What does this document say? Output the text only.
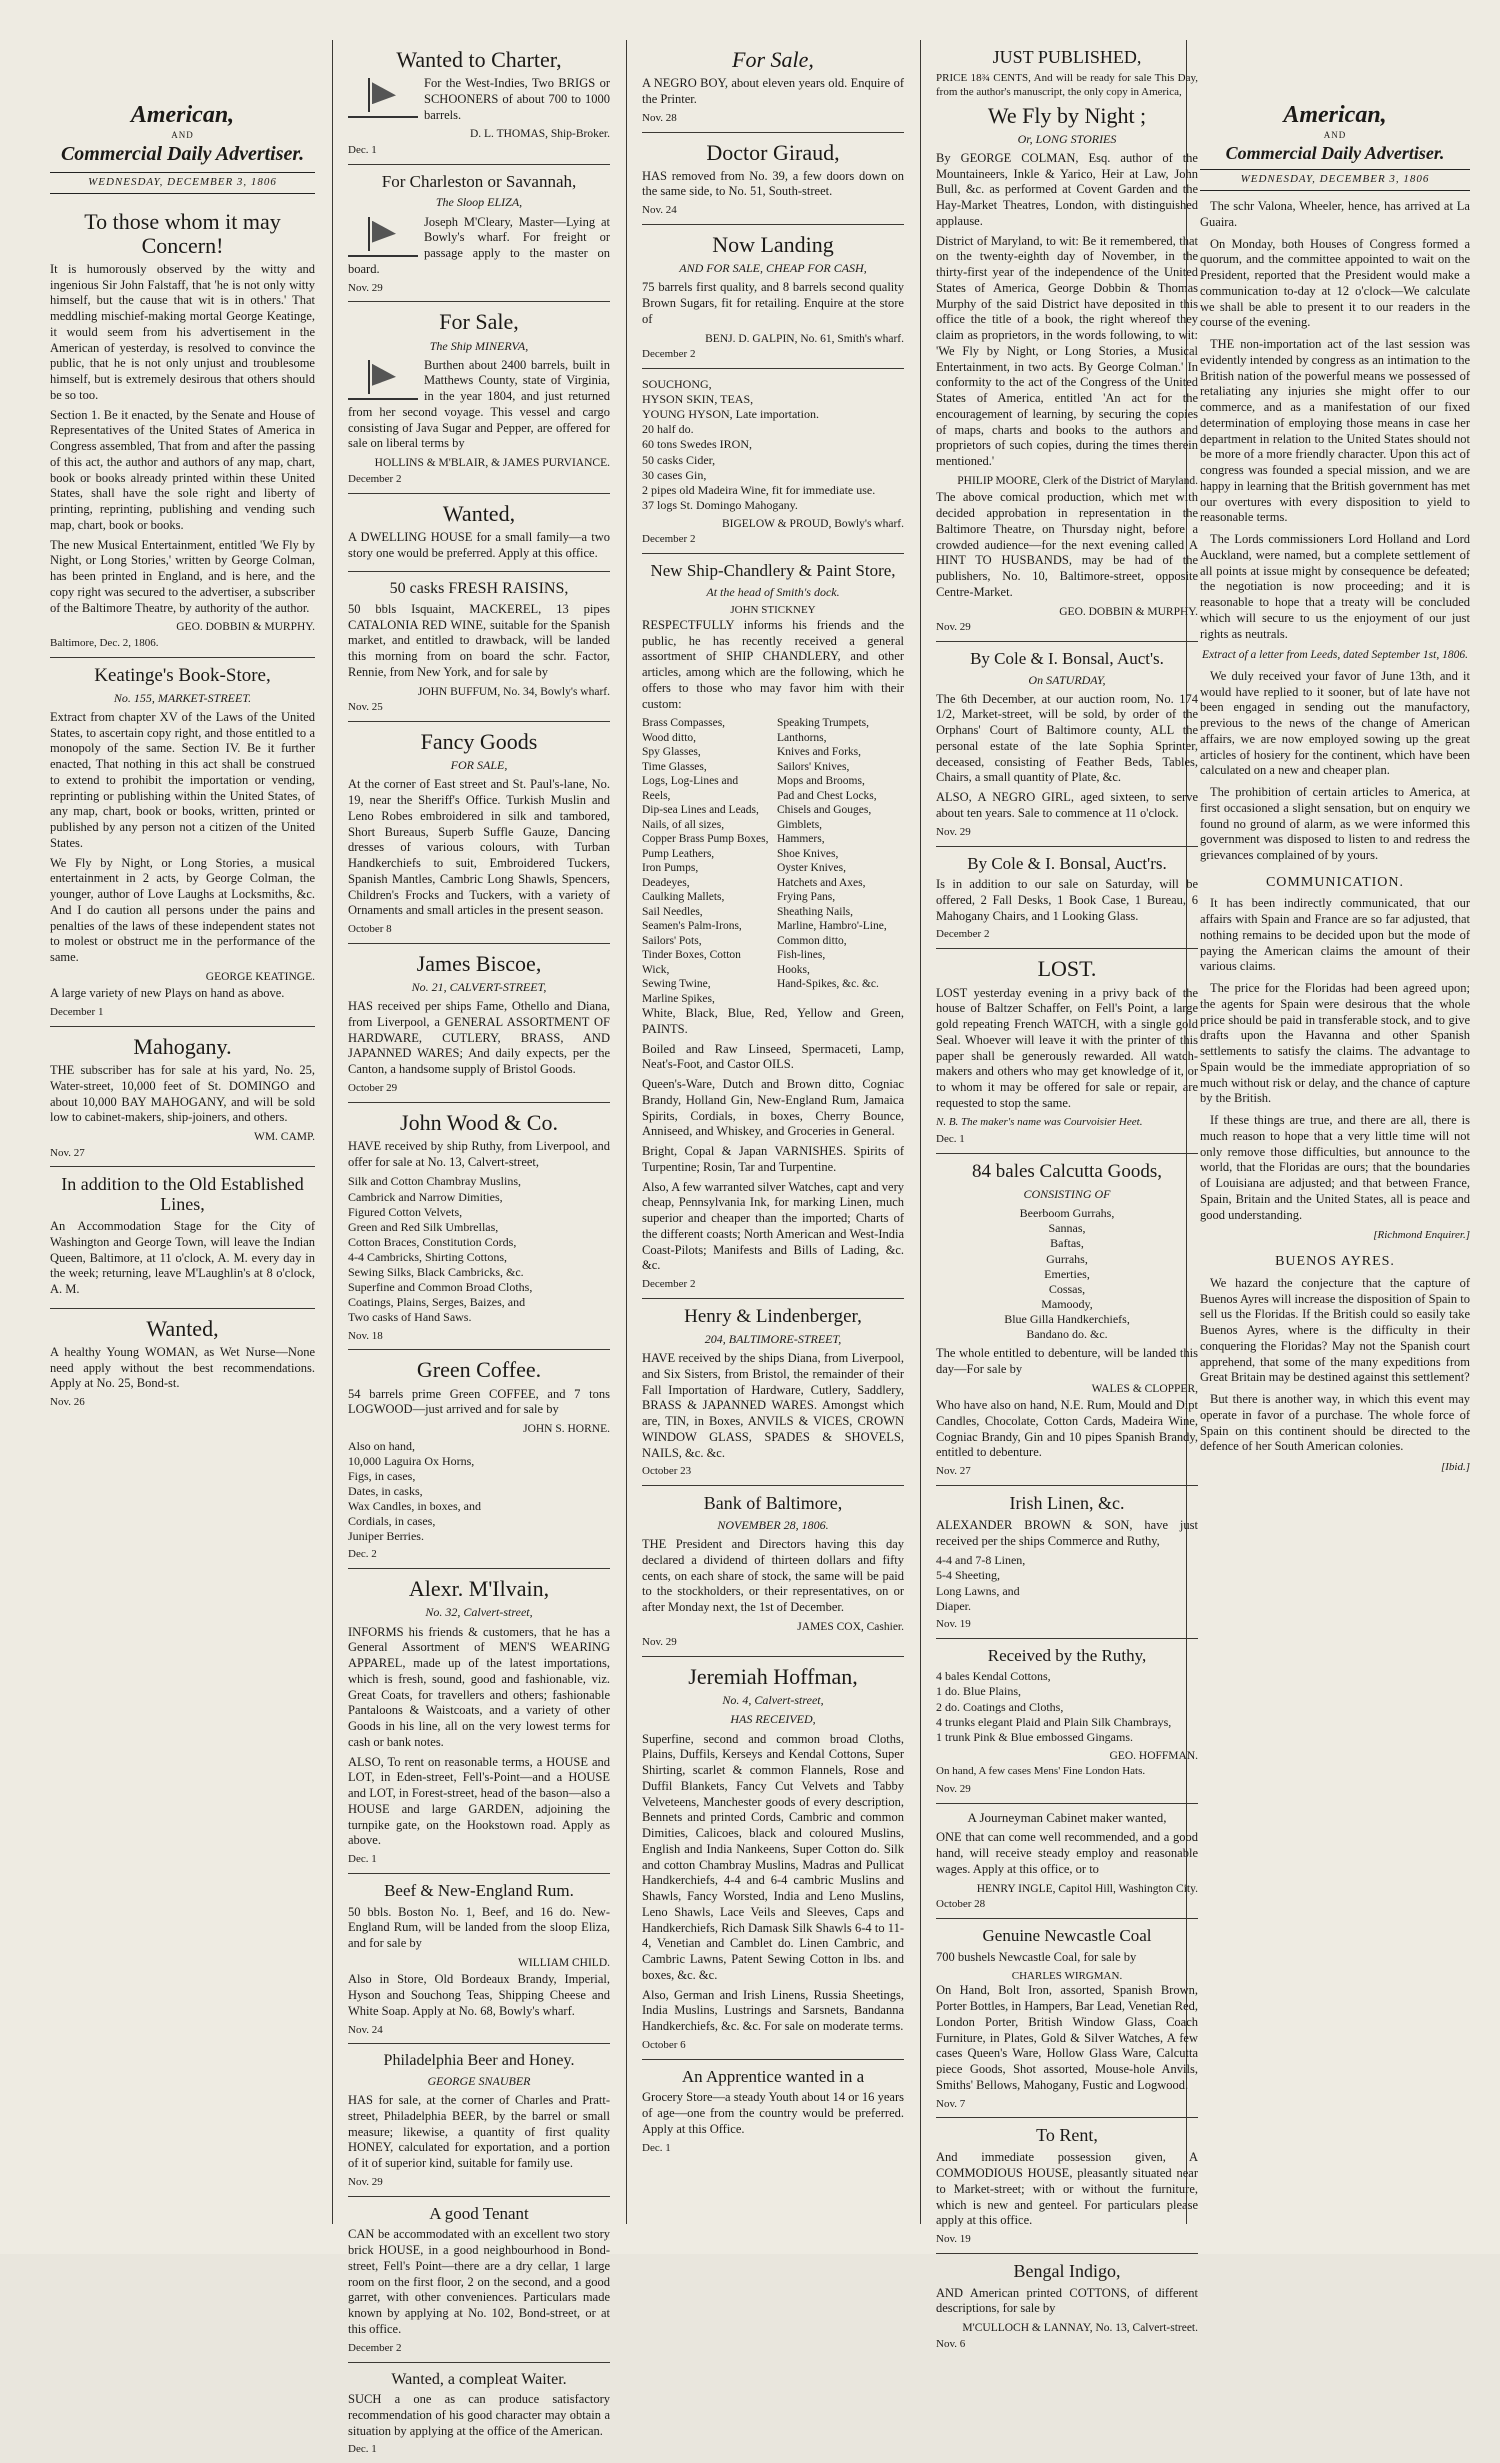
American,
AND
Commercial Daily Advertiser.
WEDNESDAY, DECEMBER 3, 1806
To those whom it may Concern!

It is humorously observed by the witty and ingenious Sir John Falstaff, that 'he is not only witty himself, but the cause that wit is in others.' That meddling mischief-making mortal George Keatinge, it would seem from his advertisement in the American of yesterday, is resolved to convince the public, that he is not only unjust and troublesome himself, but is extremely desirous that others should be so too.

Section 1. Be it enacted, by the Senate and House of Representatives of the United States of America in Congress assembled, That from and after the passing of this act, the author and authors of any map, chart, book or books already printed within these United States, shall have the sole right and liberty of printing, reprinting, publishing and vending such map, chart, book or books.

The new Musical Entertainment, entitled 'We Fly by Night, or Long Stories,' written by George Colman, has been printed in England, and is here, and the copy right was secured to the advertiser, a subscriber of the Baltimore Theatre, by authority of the author.

GEO. DOBBIN & MURPHY.
Baltimore, Dec. 2, 1806.
Keatinge's Book-Store,
No. 155, MARKET-STREET.

Extract from chapter XV of the Laws of the United States, to ascertain copy right, and those entitled to a monopoly of the same. Section IV. Be it further enacted, That nothing in this act shall be construed to extend to prohibit the importation or vending, reprinting or publishing within the United States, of any map, chart, book or books, written, printed or published by any person not a citizen of the United States.

We Fly by Night, or Long Stories, a musical entertainment in 2 acts, by George Colman, the younger, author of Love Laughs at Locksmiths, &c. And I do caution all persons under the pains and penalties of the laws of these independent states not to molest or obstruct me in the performance of the same.

GEORGE KEATINGE.

A large variety of new Plays on hand as above.

December 1
Mahogany.

THE subscriber has for sale at his yard, No. 25, Water-street, 10,000 feet of St. DOMINGO and about 10,000 BAY MAHOGANY, and will be sold low to cabinet-makers, ship-joiners, and others.

WM. CAMP.
Nov. 27
In addition to the Old Established Lines,

An Accommodation Stage for the City of Washington and George Town, will leave the Indian Queen, Baltimore, at 11 o'clock, A. M. every day in the week; returning, leave M'Laughlin's at 8 o'clock, A. M.

Wanted,

A healthy Young WOMAN, as Wet Nurse—None need apply without the best recommendations. Apply at No. 25, Bond-st.

Nov. 26
Wanted to Charter,

For the West-Indies, Two BRIGS or SCHOONERS of about 700 to 1000 barrels.

D. L. THOMAS, Ship-Broker.
Dec. 1
For Charleston or Savannah,
The Sloop ELIZA,

Joseph M'Cleary, Master—Lying at Bowly's wharf. For freight or passage apply to the master on board.

Nov. 29
For Sale,
The Ship MINERVA,

Burthen about 2400 barrels, built in Matthews County, state of Virginia, in the year 1804, and just returned from her second voyage. This vessel and cargo consisting of Java Sugar and Pepper, are offered for sale on liberal terms by

HOLLINS & M'BLAIR, & JAMES PURVIANCE.
December 2
Wanted,

A DWELLING HOUSE for a small family—a two story one would be preferred. Apply at this office.

50 casks FRESH RAISINS,

50 bbls Isquaint, MACKEREL, 13 pipes CATALONIA RED WINE, suitable for the Spanish market, and entitled to drawback, will be landed this morning from on board the schr. Factor, Rennie, from New York, and for sale by

JOHN BUFFUM, No. 34, Bowly's wharf.
Nov. 25
Fancy Goods
FOR SALE,

At the corner of East street and St. Paul's-lane, No. 19, near the Sheriff's Office. Turkish Muslin and Leno Robes embroidered in silk and tambored, Short Bureaus, Superb Suffle Gauze, Dancing dresses of various colours, with Turban Handkerchiefs to suit, Embroidered Tuckers, Spanish Mantles, Cambric Long Shawls, Spencers, Children's Frocks and Tuckers, with a variety of Ornaments and small articles in the present season.

October 8
James Biscoe,
No. 21, CALVERT-STREET,

HAS received per ships Fame, Othello and Diana, from Liverpool, a GENERAL ASSORTMENT OF HARDWARE, CUTLERY, BRASS, AND JAPANNED WARES; And daily expects, per the Canton, a handsome supply of Bristol Goods.

October 29
John Wood & Co.

HAVE received by ship Ruthy, from Liverpool, and offer for sale at No. 13, Calvert-street,

Silk and Cotton Chambray Muslins,
Cambrick and Narrow Dimities,
Figured Cotton Velvets,
Green and Red Silk Umbrellas,
Cotton Braces, Constitution Cords,
4-4 Cambricks, Shirting Cottons,
Sewing Silks, Black Cambricks, &c.
Superfine and Common Broad Cloths,
Coatings, Plains, Serges, Baizes, and
Two casks of Hand Saws.
Nov. 18
Green Coffee.

54 barrels prime Green COFFEE, and 7 tons LOGWOOD—just arrived and for sale by

JOHN S. HORNE.
Also on hand,
10,000 Laguira Ox Horns,
Figs, in cases,
Dates, in casks,
Wax Candles, in boxes, and
Cordials, in cases,
Juniper Berries.
Dec. 2
Alexr. M'Ilvain,
No. 32, Calvert-street,

INFORMS his friends & customers, that he has a General Assortment of MEN'S WEARING APPAREL, made up of the latest importations, which is fresh, sound, good and fashionable, viz. Great Coats, for travellers and others; fashionable Pantaloons & Waistcoats, and a variety of other Goods in his line, all on the very lowest terms for cash or bank notes.

ALSO, To rent on reasonable terms, a HOUSE and LOT, in Eden-street, Fell's-Point—and a HOUSE and LOT, in Forest-street, head of the bason—also a HOUSE and large GARDEN, adjoining the turnpike gate, on the Hookstown road. Apply as above.

Dec. 1
Beef & New-England Rum.

50 bbls. Boston No. 1, Beef, and 16 do. New-England Rum, will be landed from the sloop Eliza, and for sale by

WILLIAM CHILD.

Also in Store, Old Bordeaux Brandy, Imperial, Hyson and Souchong Teas, Shipping Cheese and White Soap. Apply at No. 68, Bowly's wharf.

Nov. 24
Philadelphia Beer and Honey.
GEORGE SNAUBER

HAS for sale, at the corner of Charles and Pratt-street, Philadelphia BEER, by the barrel or small measure; likewise, a quantity of first quality HONEY, calculated for exportation, and a portion of it of superior kind, suitable for family use.

Nov. 29
A good Tenant

CAN be accommodated with an excellent two story brick HOUSE, in a good neighbourhood in Bond-street, Fell's Point—there are a dry cellar, 1 large room on the first floor, 2 on the second, and a good garret, with other conveniences. Particulars made known by applying at No. 102, Bond-street, or at this office.

December 2
Wanted, a compleat Waiter.

SUCH a one as can produce satisfactory recommendation of his good character may obtain a situation by applying at the office of the American.

Dec. 1
For Sale,

A NEGRO BOY, about eleven years old. Enquire of the Printer.

Nov. 28
Doctor Giraud,

HAS removed from No. 39, a few doors down on the same side, to No. 51, South-street.

Nov. 24
Now Landing
AND FOR SALE, CHEAP FOR CASH,

75 barrels first quality, and 8 barrels second quality Brown Sugars, fit for retailing. Enquire at the store of

BENJ. D. GALPIN, No. 61, Smith's wharf.
December 2
SOUCHONG,
HYSON SKIN, TEAS,
YOUNG HYSON, Late importation.
20 half do.
60 tons Swedes IRON,
50 casks Cider,
30 cases Gin,
2 pipes old Madeira Wine, fit for immediate use.
37 logs St. Domingo Mahogany.
BIGELOW & PROUD, Bowly's wharf.
December 2
New Ship-Chandlery & Paint Store,
At the head of Smith's dock.
JOHN STICKNEY

RESPECTFULLY informs his friends and the public, he has recently received a general assortment of SHIP CHANDLERY, and other articles, among which are the following, which he offers to those who may favor him with their custom:

Brass Compasses,
Wood ditto,
Spy Glasses,
Time Glasses,
Logs, Log-Lines and Reels,
Dip-sea Lines and Leads,
Nails, of all sizes,
Copper Brass Pump Boxes,
Pump Leathers,
Iron Pumps,
Deadeyes,
Caulking Mallets,
Sail Needles,
Seamen's Palm-Irons,
Sailors' Pots,
Tinder Boxes, Cotton Wick,
Sewing Twine,
Marline Spikes,
Speaking Trumpets,
Lanthorns,
Knives and Forks,
Sailors' Knives,
Mops and Brooms,
Pad and Chest Locks,
Chisels and Gouges,
Gimblets,
Hammers,
Shoe Knives,
Oyster Knives,
Hatchets and Axes,
Frying Pans,
Sheathing Nails,
Marline, Hambro'-Line,
Common ditto,
Fish-lines,
Hooks,
Hand-Spikes, &c. &c.

White, Black, Blue, Red, Yellow and Green, PAINTS.

Boiled and Raw Linseed, Spermaceti, Lamp, Neat's-Foot, and Castor OILS.

Queen's-Ware, Dutch and Brown ditto, Cogniac Brandy, Holland Gin, New-England Rum, Jamaica Spirits, Cordials, in boxes, Cherry Bounce, Anniseed, and Whiskey, and Groceries in General.

Bright, Copal & Japan VARNISHES. Spirits of Turpentine; Rosin, Tar and Turpentine.

Also, A few warranted silver Watches, capt and very cheap, Pennsylvania Ink, for marking Linen, much superior and cheaper than the imported; Charts of the different coasts; North American and West-India Coast-Pilots; Manifests and Bills of Lading, &c. &c.

December 2
Henry & Lindenberger,
204, BALTIMORE-STREET,

HAVE received by the ships Diana, from Liverpool, and Six Sisters, from Bristol, the remainder of their Fall Importation of Hardware, Cutlery, Saddlery, BRASS & JAPANNED WARES. Amongst which are, TIN, in Boxes, ANVILS & VICES, CROWN WINDOW GLASS, SPADES & SHOVELS, NAILS, &c. &c.

October 23
Bank of Baltimore,
NOVEMBER 28, 1806.

THE President and Directors having this day declared a dividend of thirteen dollars and fifty cents, on each share of stock, the same will be paid to the stockholders, or their representatives, on or after Monday next, the 1st of December.

JAMES COX, Cashier.
Nov. 29
Jeremiah Hoffman,
No. 4, Calvert-street,
HAS RECEIVED,

Superfine, second and common broad Cloths, Plains, Duffils, Kerseys and Kendal Cottons, Super Shirting, scarlet & common Flannels, Rose and Duffil Blankets, Fancy Cut Velvets and Tabby Velveteens, Manchester goods of every description, Bennets and printed Cords, Cambric and common Dimities, Calicoes, black and coloured Muslins, English and India Nankeens, Super Cotton do. Silk and cotton Chambray Muslins, Madras and Pullicat Handkerchiefs, 4-4 and 6-4 cambric Muslins and Shawls, Fancy Worsted, India and Leno Muslins, Leno Shawls, Lace Veils and Sleeves, Caps and Handkerchiefs, Rich Damask Silk Shawls 6-4 to 11-4, Venetian and Camblet do. Linen Cambric, and Cambric Lawns, Patent Sewing Cotton in lbs. and boxes, &c. &c.

Also, German and Irish Linens, Russia Sheetings, India Muslins, Lustrings and Sarsnets, Bandanna Handkerchiefs, &c. &c. For sale on moderate terms.

October 6
An Apprentice wanted in a

Grocery Store—a steady Youth about 14 or 16 years of age—one from the country would be preferred. Apply at this Office.

Dec. 1
JUST PUBLISHED,

PRICE 18¾ CENTS, And will be ready for sale This Day, from the author's manuscript, the only copy in America,

We Fly by Night ;
Or, LONG STORIES

By GEORGE COLMAN, Esq. author of the Mountaineers, Inkle & Yarico, Heir at Law, John Bull, &c. as performed at Covent Garden and the Hay-Market Theatres, London, with distinguished applause.

District of Maryland, to wit: Be it remembered, that on the twenty-eighth day of November, in the thirty-first year of the independence of the United States of America, George Dobbin & Thomas Murphy of the said District have deposited in this office the title of a book, the right whereof they claim as proprietors, in the words following, to wit: 'We Fly by Night, or Long Stories, a Musical Entertainment, in two acts. By George Colman.' In conformity to the act of the Congress of the United States of America, entitled 'An act for the encouragement of learning, by securing the copies of maps, charts and books to the authors and proprietors of such copies, during the times therein mentioned.'

PHILIP MOORE, Clerk of the District of Maryland.

The above comical production, which met with decided approbation in representation in the Baltimore Theatre, on Thursday night, before a crowded audience—for the next evening called A HINT TO HUSBANDS, may be had of the publishers, No. 10, Baltimore-street, opposite Centre-Market.

GEO. DOBBIN & MURPHY.
Nov. 29
By Cole & I. Bonsal, Auct's.
On SATURDAY,

The 6th December, at our auction room, No. 174 1/2, Market-street, will be sold, by order of the Orphans' Court of Baltimore county, ALL the personal estate of the late Sophia Sprinter, deceased, consisting of Feather Beds, Tables, Chairs, a small quantity of Plate, &c.

ALSO, A NEGRO GIRL, aged sixteen, to serve about ten years. Sale to commence at 11 o'clock.

Nov. 29
By Cole & I. Bonsal, Auct'rs.

Is in addition to our sale on Saturday, will be offered, 2 Fall Desks, 1 Book Case, 1 Bureau, 6 Mahogany Chairs, and 1 Looking Glass.

December 2
LOST.

LOST yesterday evening in a privy back of the house of Baltzer Schaffer, on Fell's Point, a large gold repeating French WATCH, with a single gold Seal. Whoever will leave it with the printer of this paper shall be generously rewarded. All watch-makers and others who may get knowledge of it, or to whom it may be offered for sale or repair, are requested to stop the same.

N. B. The maker's name was Courvoisier Heet.

Dec. 1
84 bales Calcutta Goods,
CONSISTING OF
Beerboom Gurrahs,
Sannas,
Baftas,
Gurrahs,
Emerties,
Cossas,
Mamoody,
Blue Gilla Handkerchiefs,
Bandano do. &c.

The whole entitled to debenture, will be landed this day—For sale by

WALES & CLOPPER,

Who have also on hand, N.E. Rum, Mould and Dipt Candles, Chocolate, Cotton Cards, Madeira Wine, Cogniac Brandy, Gin and 10 pipes Spanish Brandy, entitled to debenture.

Nov. 27
Irish Linen, &c.

ALEXANDER BROWN & SON, have just received per the ships Commerce and Ruthy,

4-4 and 7-8 Linen,
5-4 Sheeting,
Long Lawns, and
Diaper.
Nov. 19
Received by the Ruthy,
4 bales Kendal Cottons,
1 do. Blue Plains,
2 do. Coatings and Cloths,
4 trunks elegant Plaid and Plain Silk Chambrays,
1 trunk Pink & Blue embossed Gingams.
GEO. HOFFMAN.

On hand, A few cases Mens' Fine London Hats.

Nov. 29
A Journeyman Cabinet maker wanted,

ONE that can come well recommended, and a good hand, will receive steady employ and reasonable wages. Apply at this office, or to

HENRY INGLE, Capitol Hill, Washington City.
October 28
Genuine Newcastle Coal

700 bushels Newcastle Coal, for sale by

CHARLES WIRGMAN.

On Hand, Bolt Iron, assorted, Spanish Brown, Porter Bottles, in Hampers, Bar Lead, Venetian Red, London Porter, British Window Glass, Coach Furniture, in Plates, Gold & Silver Watches, A few cases Queen's Ware, Hollow Glass Ware, Calcutta piece Goods, Shot assorted, Mouse-hole Anvils, Smiths' Bellows, Mahogany, Fustic and Logwood.

Nov. 7
To Rent,

And immediate possession given, A COMMODIOUS HOUSE, pleasantly situated near to Market-street; with or without the furniture, which is new and genteel. For particulars please apply at this office.

Nov. 19
Bengal Indigo,

AND American printed COTTONS, of different descriptions, for sale by

M'CULLOCH & LANNAY, No. 13, Calvert-street.
Nov. 6
American,
AND
Commercial Daily Advertiser.
WEDNESDAY, DECEMBER 3, 1806

The schr Valona, Wheeler, hence, has arrived at La Guaira.

On Monday, both Houses of Congress formed a quorum, and the committee appointed to wait on the President, reported that the President would make a communication to-day at 12 o'clock—We calculate we shall be able to present it to our readers in the course of the evening.

THE non-importation act of the last session was evidently intended by congress as an intimation to the British nation of the powerful means we possessed of retaliating any injuries she might offer to our commerce, and as a manifestation of our fixed determination of employing those means in case her department in relation to the United States should not be more of a more friendly character. Upon this act of congress was founded a special mission, and we are happy in learning that the British government has met our overtures with every disposition to yield to reasonable terms.

The Lords commissioners Lord Holland and Lord Auckland, were named, but a complete settlement of all points at issue might by consequence be defeated; the negotiation is now proceeding; and it is reasonable to hope that a treaty will be concluded which will secure to us the enjoyment of our just rights as neutrals.

Extract of a letter from Leeds, dated September 1st, 1806.

We duly received your favor of June 13th, and it would have replied to it sooner, but of late have not been engaged in sending out the manufactory, previous to the news of the change of American affairs, we are now employed sowing up the great articles of hosiery for the continent, which have been calculated on a new and cheaper plan.

The prohibition of certain articles to America, at first occasioned a slight sensation, but on enquiry we found no ground of alarm, as we were informed this government was disposed to listen to and redress the grievances complained of by yours.

COMMUNICATION.

It has been indirectly communicated, that our affairs with Spain and France are so far adjusted, that nothing remains to be decided upon but the mode of paying the American claims the amount of their various claims.

The price for the Floridas had been agreed upon; the agents for Spain were desirous that the whole price should be paid in transferable stock, and to give drafts upon the Havanna and other Spanish settlements to satisfy the claims. The advantage to Spain would be the immediate appropriation of so much without risk or delay, and the chance of capture by the British.

If these things are true, and there are all, there is much reason to hope that a very little time will not only remove those difficulties, but announce to the world, that the Floridas are ours; that the boundaries of Louisiana are adjusted; and that between France, Spain, Britain and the United States, all is peace and good understanding.

[Richmond Enquirer.]
BUENOS AYRES.

We hazard the conjecture that the capture of Buenos Ayres will increase the disposition of Spain to sell us the Floridas. If the British could so easily take Buenos Ayres, where is the difficulty in their conquering the Floridas? May not the Spanish court apprehend, that some of the many expeditions from Great Britain may be destined against this settlement?

But there is another way, in which this event may operate in favor of a purchase. The whole force of Spain on this continent should be directed to the defence of her South American colonies.

[Ibid.]
